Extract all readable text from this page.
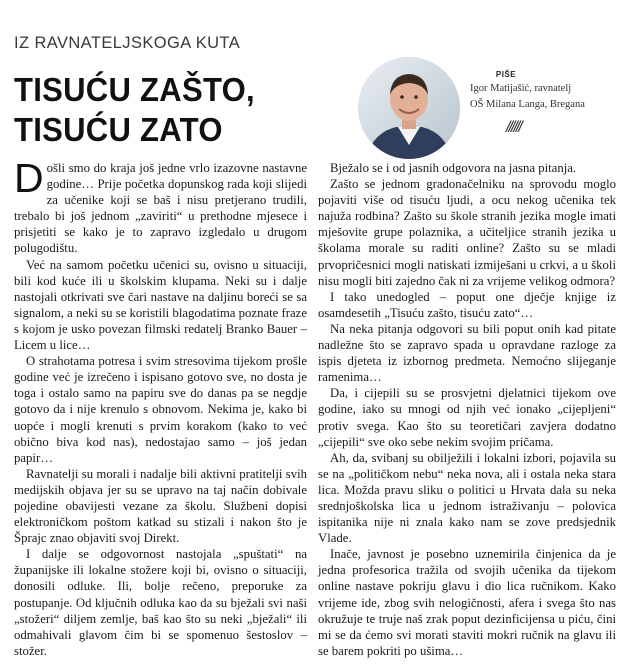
IZ RAVNATELJSKOGA KUTA
TISUĆU ZAŠTO,
TISUĆU ZATO
PIŠE
Igor Matijašić, ravnatelj
OŠ Milana Langa, Bregana
//////

Došli smo do kraja još jedne vrlo izazovne nastavne godine… Prije početka dopunskog rada koji slijedi za učenike koji se baš i nisu pretjerano trudili, trebalo bi još jednom „zaviriti“ u prethodne mjesece i prisjetiti se kako je to zapravo izgledalo u drugom polugodištu.

Već na samom početku učenici su, ovisno u situaciji, bili kod kuće ili u školskim klupama. Neki su i dalje nastojali otkrivati sve čari nastave na daljinu boreći se sa signalom, a neki su se koristili blagodatima poznate fraze s kojom je usko povezan filmski redatelj Branko Bauer – Licem u lice…

O strahotama potresa i svim stresovima tijekom prošle godine već je izrečeno i ispisano gotovo sve, no dosta je toga i ostalo samo na papiru sve do danas pa se negdje gotovo da i nije krenulo s obnovom. Nekima je, kako bi uopće i mogli krenuti s prvim korakom (kako to već obično biva kod nas), nedostajao samo – još jedan papir…

Ravnatelji su morali i nadalje bili aktivni pratitelji svih medijskih objava jer su se upravo na taj način dobivale pojedine obavijesti vezane za školu. Službeni dopisi elektroničkom poštom katkad su stizali i nakon što je Šprajc znao objaviti svoj Direkt.

I dalje se odgovornost nastojala „spuštati“ na županijske ili lokalne stožere koji bi, ovisno o situaciji, donosili odluke. Ili, bolje rečeno, preporuke za postupanje. Od ključnih odluka kao da su bježali svi naši „stožeri“ diljem zemlje, baš kao što su neki „bježali“ ili odmahivali glavom čim bi se spomenuo šestoslov – stožer.

Bježalo se i od jasnih odgovora na jasna pitanja.

Zašto se jednom gradonačelniku na sprovodu moglo pojaviti više od tisuću ljudi, a ocu nekog učenika tek najuža rodbina? Zašto su škole stranih jezika mogle imati mješovite grupe polaznika, a učiteljice stranih jezika u školama morale su raditi online? Zašto su se mladi prvopričesnici mogli natiskati izmiješani u crkvi, a u školi nisu mogli biti zajedno čak ni za vrijeme velikog odmora?

I tako unedogled – poput one dječje knjige iz osamdesetih „Tisuću zašto, tisuću zato“…

Na neka pitanja odgovori su bili poput onih kad pitate nadležne što se zapravo spada u opravdane razloge za ispis djeteta iz izbornog predmeta. Nemoćno slijeganje ramenima…

Da, i cijepili su se prosvjetni djelatnici tijekom ove godine, iako su mnogi od njih već ionako „cijepljeni“ protiv svega. Kao što su teoretičari zavjera dodatno „cijepili“ sve oko sebe nekim svojim pričama.

Ah, da, svibanj su obilježili i lokalni izbori, pojavila su se na „političkom nebu“ neka nova, ali i ostala neka stara lica. Možda pravu sliku o politici u Hrvata dala su neka srednjoškolska lica u jednom istraživanju – polovica ispitanika nije ni znala kako nam se zove predsjednik Vlade.

Inače, javnost je posebno uznemirila činjenica da je jedna profesorica tražila od svojih učenika da tijekom online nastave pokriju glavu i dio lica ručnikom. Kako vrijeme ide, zbog svih nelogičnosti, afera i svega što nas okružuje te truje naš zrak poput dezinficijensa u piću, čini mi se da ćemo svi morati staviti mokri ručnik na glavu ili se barem pokriti po ušima…
